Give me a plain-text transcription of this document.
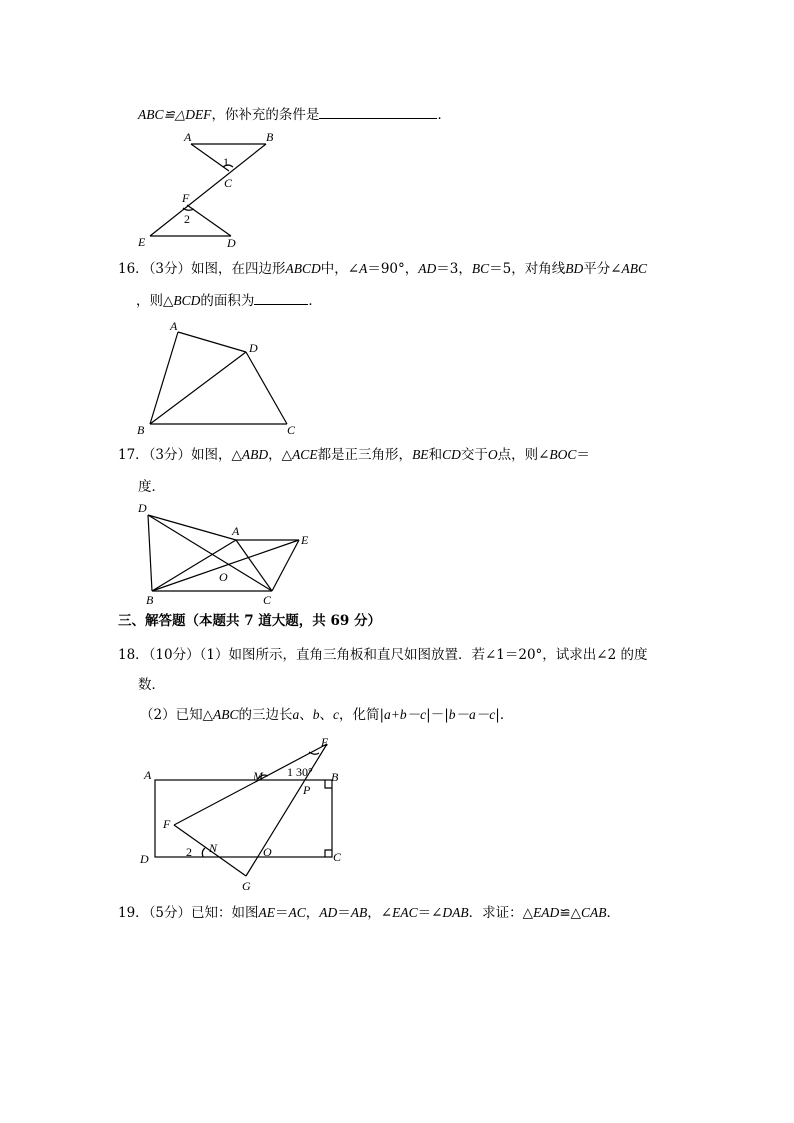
ABC≌△DEF，你补充的条件是	．
A	B
C
1
F
2
E	D
16．（3分）如图，在四边形ABCD中，∠A＝90°，AD＝3，BC＝5，对角线BD平分∠ABC
，则△BCD的面积为	．
A
D
B	C
17．（3分）如图，△ABD，△ACE都是正三角形，BE和CD交于O点，则∠BOC＝
度．
D
A
E
O
B	C
三、解答题（本题共 7 道大题，共 69 分）
18．（10分）（1）如图所示，直角三角板和直尺如图放置．若∠1＝20°，试求出∠2 的度
数．
（2）已知△ABC的三边长a、b、c，化简|a+b－c|－|b－a－c|．
A	B
C
D
E
M 1 30°
P
F
N
2	O
G
19．（5分）已知：如图AE＝AC，AD＝AB，∠EAC＝∠DAB．求证：△EAD≌△CAB．
